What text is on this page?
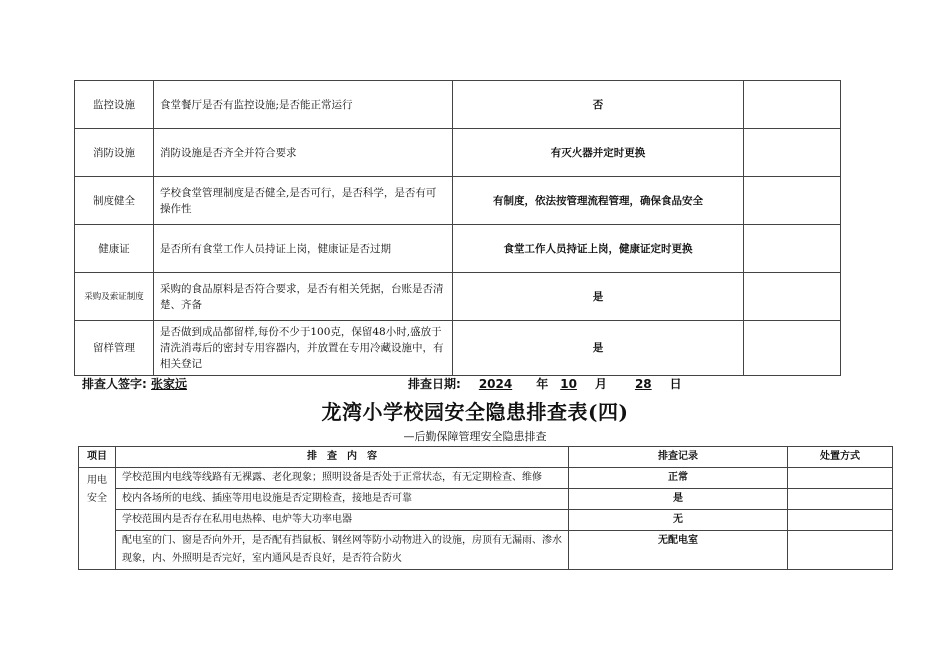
监控设施	食堂餐厅是否有监控设施;是否能正常运行	否	
消防设施	消防设施是否齐全并符合要求	有灭火器并定时更换	
制度健全	学校食堂管理制度是否健全,是否可行，是否科学，是否有可操作性	有制度，依法按管理流程管理，确保食品安全	
健康证	是否所有食堂工作人员持证上岗，健康证是否过期	食堂工作人员持证上岗，健康证定时更换	
采购及索证制度	采购的食品原料是否符合要求，是否有相关凭据，台账是否清楚、齐备	是	
留样管理	是否做到成品都留样,每份不少于100克，保留48小时,盛放于清洗消毒后的密封专用容器内，并放置在专用冷藏设施中，有相关登记	是	
排查人签字: 张家远	排查日期: 2024 年 10 月 28 日
龙湾小学校园安全隐患排查表(四)
—后勤保障管理安全隐患排查
项目	排　查　内　容	排查记录	处置方式
用电安全	学校范围内电线等线路有无裸露、老化现象；照明设备是否处于正常状态，有无定期检查、维修	正常	
	校内各场所的电线、插座等用电设施是否定期检查，接地是否可靠	是	
	学校范围内是否存在私用电热棒、电炉等大功率电器	无	
	配电室的门、窗是否向外开，是否配有挡鼠板、钢丝网等防小动物进入的设施，房顶有无漏雨、渗水现象，内、外照明是否完好，室内通风是否良好，是否符合防火	无配电室	
